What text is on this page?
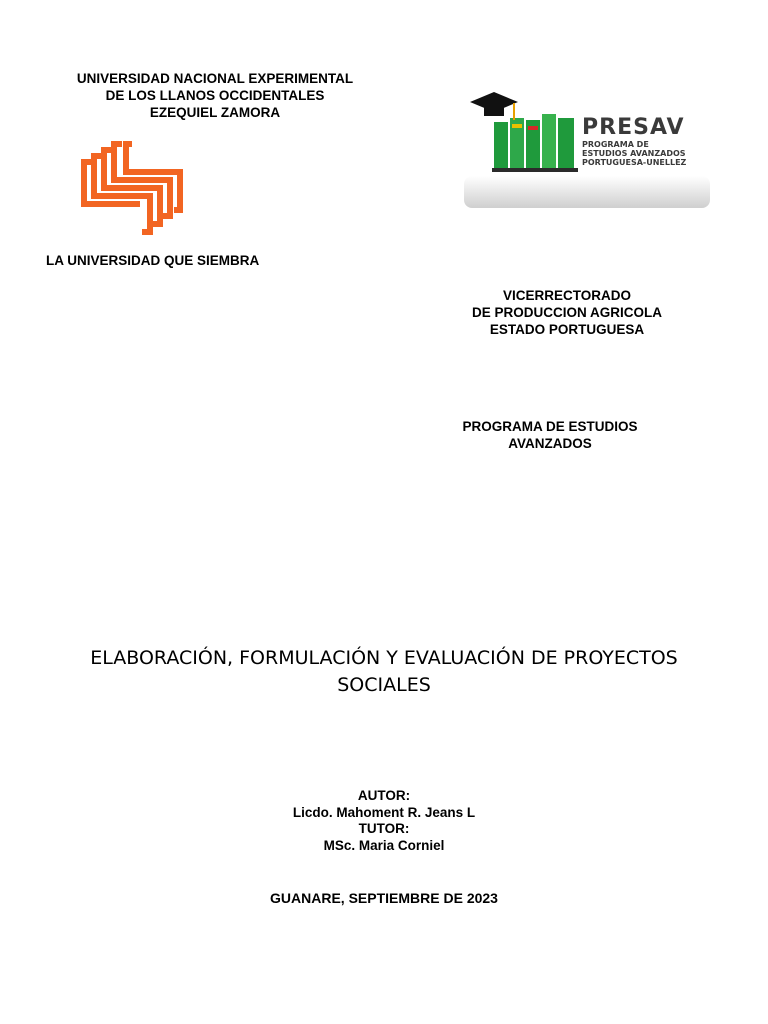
UNIVERSIDAD NACIONAL EXPERIMENTAL
DE LOS LLANOS OCCIDENTALES
EZEQUIEL ZAMORA
LA UNIVERSIDAD QUE SIEMBRA
PRESAV
PROGRAMA DE
ESTUDIOS AVANZADOS
PORTUGUESA-UNELLEZ
VICERRECTORADO
DE PRODUCCION AGRICOLA
ESTADO PORTUGUESA
PROGRAMA DE ESTUDIOS
AVANZADOS
ELABORACIÓN, FORMULACIÓN Y EVALUACIÓN DE PROYECTOS
SOCIALES
AUTOR:
Licdo. Mahoment R. Jeans L
TUTOR:
MSc. Maria Corniel
GUANARE, SEPTIEMBRE DE 2023
